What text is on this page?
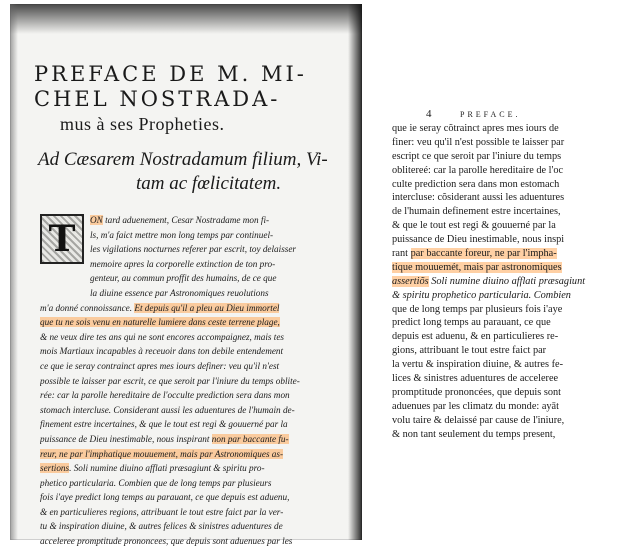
PREFACE DE M. MI-

CHEL NOSTRADA-

mus à ses Propheties.

Ad Cæsarem Nostradamum filium, Vi-
tam ac fœlicitatem.
T	ON tard aduenement, Cesar Nostradame mon fi-
ls, m'a faict mettre mon long temps par continuel-
les vigilations nocturnes referer par escrit, toy delaisser
memoire apres la corporelle extinction de ton pro-
genteur, au commun proffit des humains, de ce que
la diuine essence par Astronomiques reuolutions
m'a donné connoissance. Et depuis qu'il a pleu au Dieu immortel
que tu ne sois venu en naturelle lumiere dans ceste terrene plage,
& ne veux dire tes ans qui ne sont encores accompaignez, mais tes
mois Martiaux incapables à receuoir dans ton debile entendement
ce que ie seray contrainct apres mes iours definer: veu qu'il n'est
possible te laisser par escrit, ce que seroit par l'iniure du temps oblite-
rée: car la parolle hereditaire de l'occulte prediction sera dans mon
stomach intercluse. Considerant aussi les aduentures de l'humain de-
finement estre incertaines, & que le tout est regi & gouuerné par la
puissance de Dieu inestimable, nous inspirant non par baccante fu-
reur, ne par l'imphatique mouuement, mais par Astronomiques as-
sertions. Soli numine diuino afflati præsagiunt & spiritu pro-
phetico particularia. Combien que de long temps par plusieurs
fois i'aye predict long temps au parauant, ce que depuis est aduenu,
& en particulieres regions, attribuant le tout estre faict par la ver-
tu & inspiration diuine, & autres felices & sinistres aduentures de
acceleree promptitude prononcees, que depuis sont aduenues par les
4	PREFACE.
que ie seray cõtrainct apres mes iours de
finer: veu qu'il n'est possible te laisser par
escript ce que seroit par l'iniure du temps
oblitereé: car la parolle hereditaire de l'oc
culte prediction sera dans mon estomach
intercluse: cõsiderant aussi les aduentures
de l'humain definement estre incertaines,
& que le tout est regi & gouuerné par la
puissance de Dieu inestimable, nous inspi
rant par baccante foreur, ne par l'impha-
tique mouuemét, mais par astronomiques
assertiõs Soli numine diuino afflati præsagiunt
& spiritu prophetico particularia. Combien
que de long temps par plusieurs fois i'aye
predict long temps au parauant, ce que
depuis est aduenu, & en particulieres re-
gions, attribuant le tout estre faict par
la vertu & inspiration diuine, & autres fe-
lices & sinistres aduentures de acceleree
promptitude prononcées, que depuis sont
aduenues par les climatz du monde: ayāt
volu taire & delaissé par cause de l'iniure,
& non tant seulement du temps present,
